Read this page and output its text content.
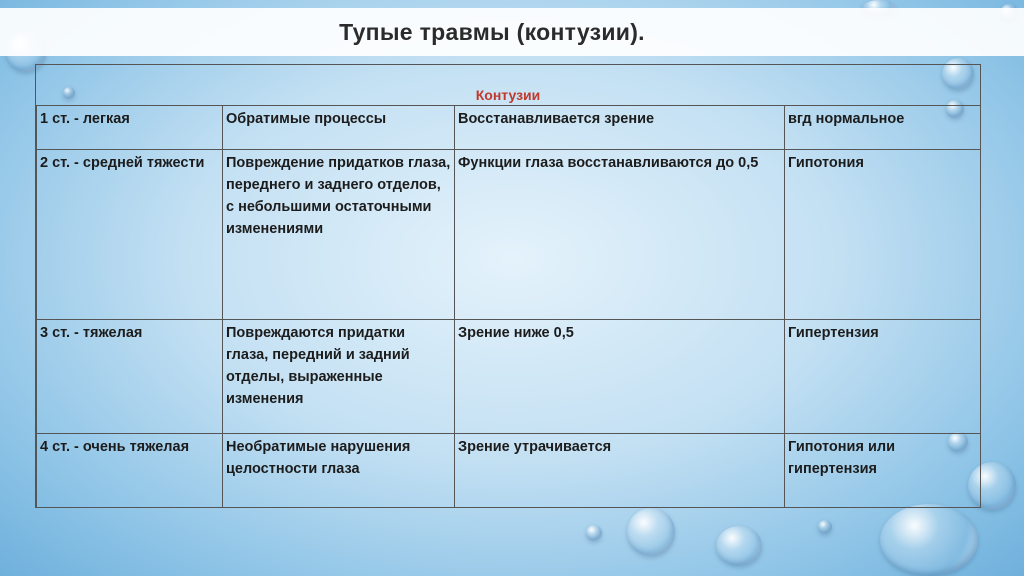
Тупые травмы (контузии).
Контузии
1 ст. - легкая	Обратимые процессы	Восстанавливается зрение	вгд нормальное
2 ст. - средней тяжести	Повреждение придатков глаза, переднего и заднего отделов, с небольшими остаточными изменениями	Функции глаза восстанавливаются до 0,5	Гипотония
3 ст. - тяжелая	Повреждаются придатки глаза, передний и задний отделы, выраженные изменения	Зрение ниже 0,5	Гипертензия
4 ст. - очень тяжелая	Необратимые нарушения целостности глаза	Зрение утрачивается	Гипотония или гипертензия
